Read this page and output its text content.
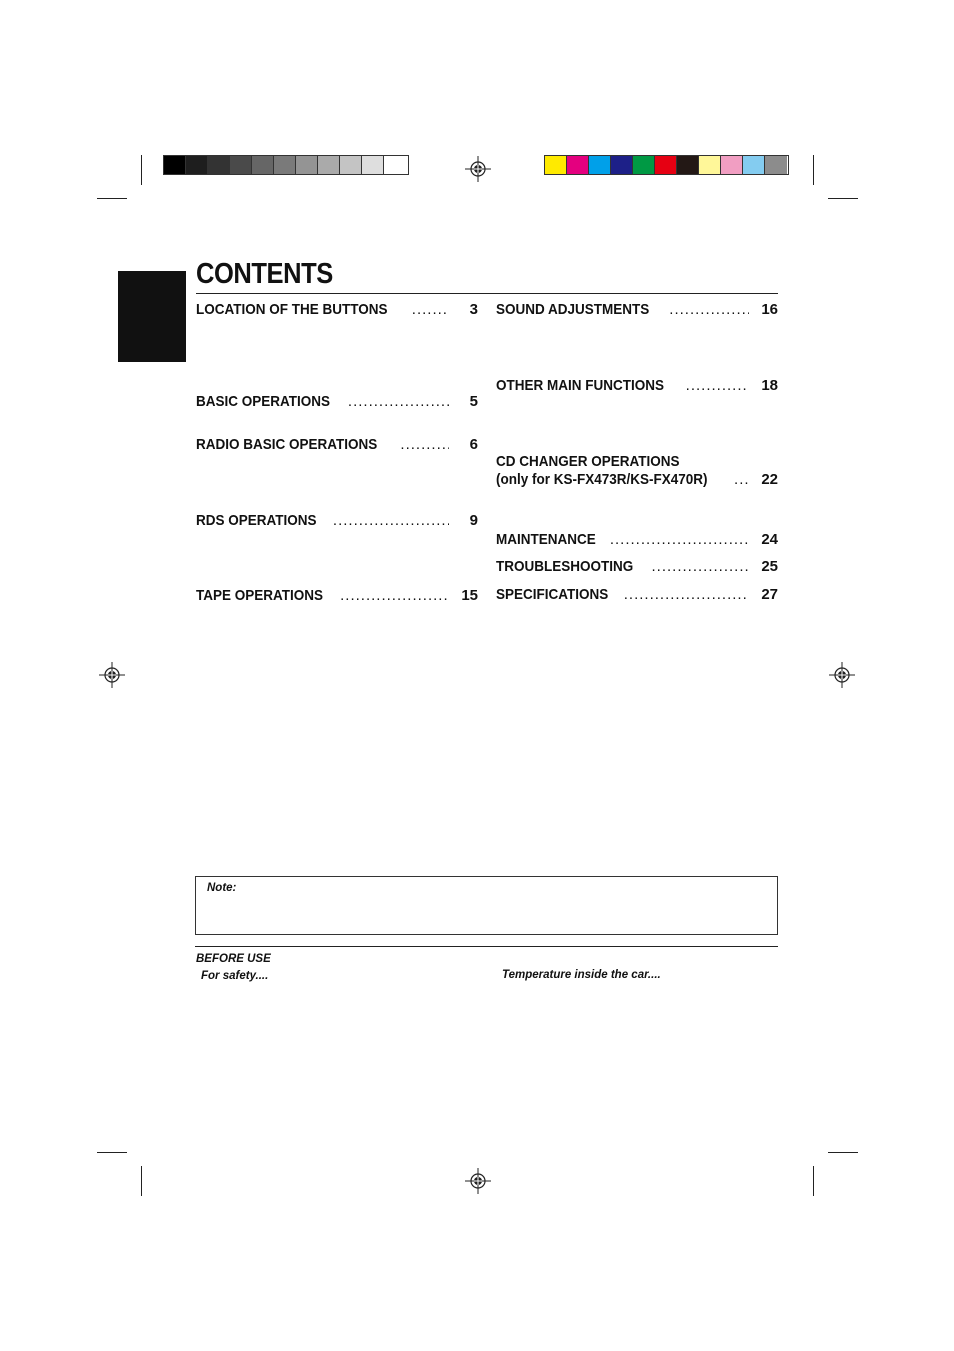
CONTENTS
LOCATION OF THE BUTTONS .....	3
BASIC OPERATIONS .....	5
RADIO BASIC OPERATIONS .....	6
RDS OPERATIONS .....	9
TAPE OPERATIONS .....	15
SOUND ADJUSTMENTS .....	16
OTHER MAIN FUNCTIONS .....	18
CD CHANGER OPERATIONS
(only for KS-FX473R/KS-FX470R) .....	22
MAINTENANCE .....	24
TROUBLESHOOTING .....	25
SPECIFICATIONS .....	27
Note:
BEFORE USE
For safety....	Temperature inside the car....
